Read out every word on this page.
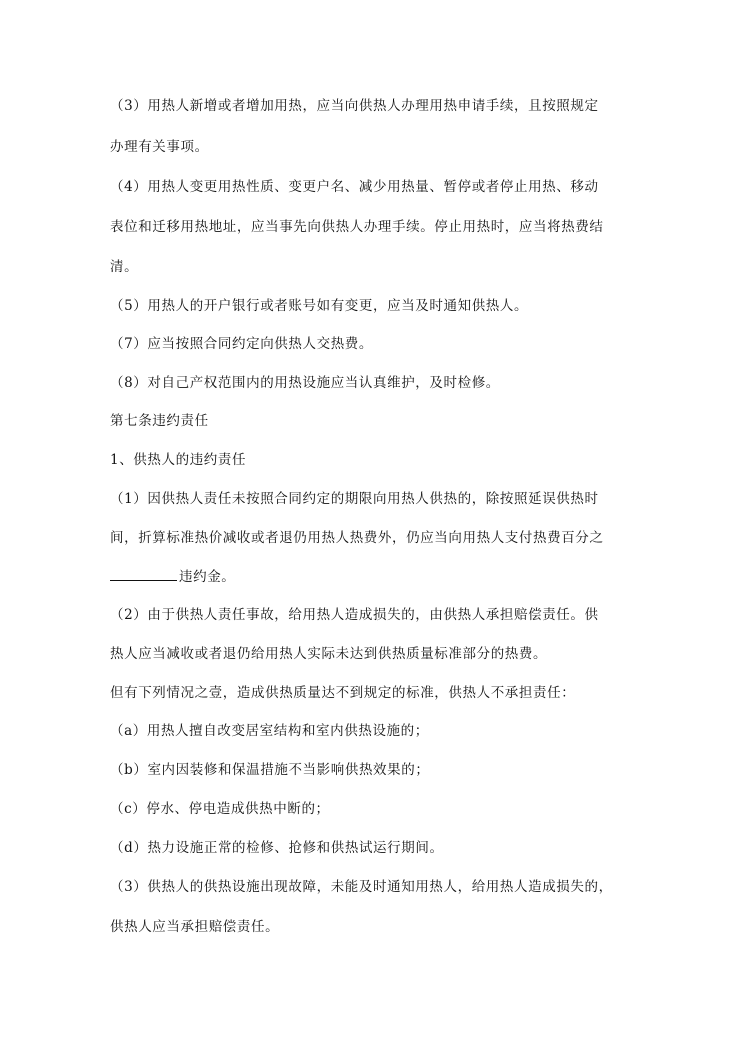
（3）用热人新增或者增加用热，应当向供热人办理用热申请手续，且按照规定
办理有关事项。
（4）用热人变更用热性质、变更户名、减少用热量、暂停或者停止用热、移动
表位和迁移用热地址，应当事先向供热人办理手续。停止用热时，应当将热费结
清。
（5）用热人的开户银行或者账号如有变更，应当及时通知供热人。
（7）应当按照合同约定向供热人交热费。
（8）对自己产权范围内的用热设施应当认真维护，及时检修。
第七条违约责任
1、供热人的违约责任
（1）因供热人责任未按照合同约定的期限向用热人供热的，除按照延误供热时
间，折算标准热价减收或者退仍用热人热费外，仍应当向用热人支付热费百分之
违约金。
（2）由于供热人责任事故，给用热人造成损失的，由供热人承担赔偿责任。供
热人应当减收或者退仍给用热人实际未达到供热质量标准部分的热费。
但有下列情况之壹，造成供热质量达不到规定的标准，供热人不承担责任：
（a）用热人擅自改变居室结构和室内供热设施的；
（b）室内因装修和保温措施不当影响供热效果的；
（c）停水、停电造成供热中断的；
（d）热力设施正常的检修、抢修和供热试运行期间。
（3）供热人的供热设施出现故障，未能及时通知用热人，给用热人造成损失的，
供热人应当承担赔偿责任。
